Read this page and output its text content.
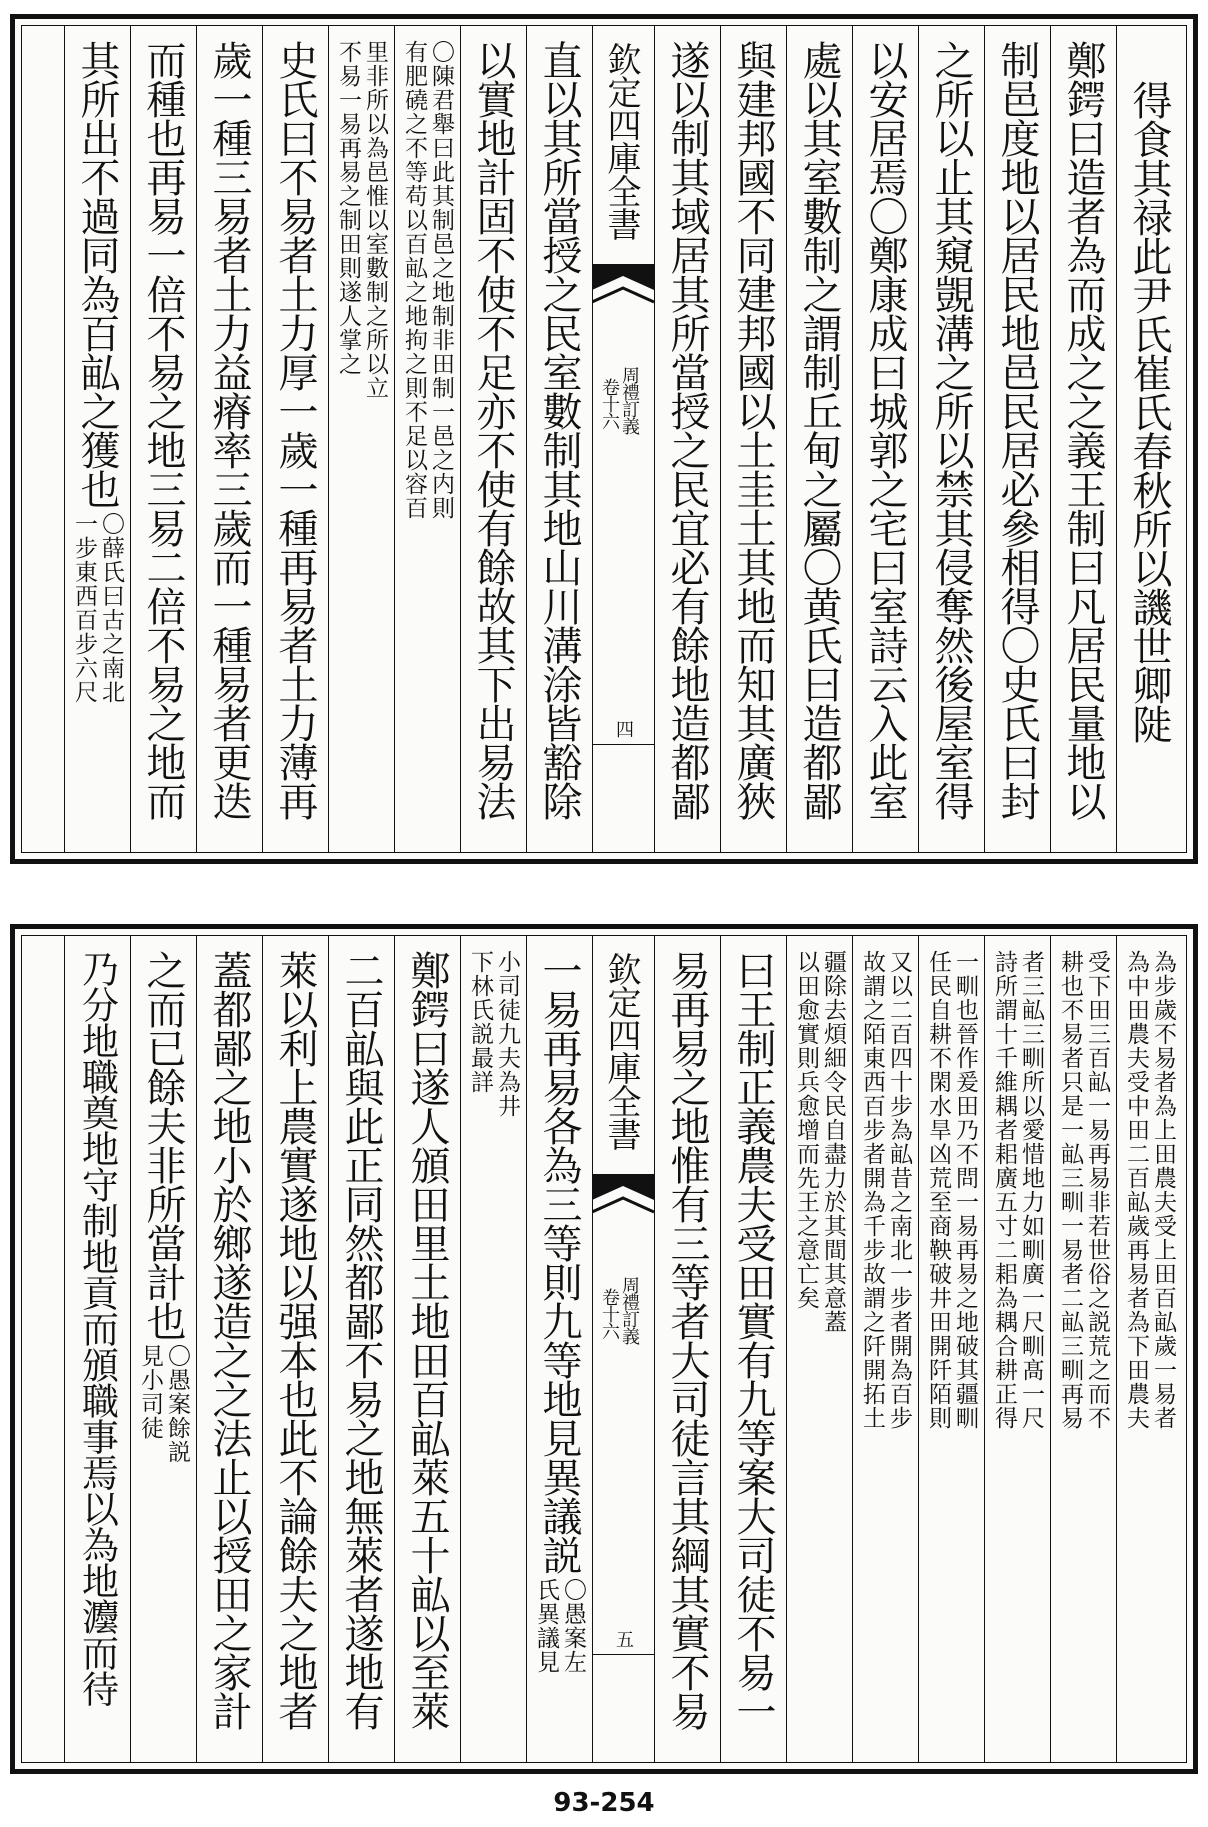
得食其禄此尹氏崔氏春秋所以譏世卿𨺗
鄭鍔曰造者為而成之之義王制曰凡居民量地以
制邑度地以居民地邑民居必參相得〇史氏曰封
之所以止其窺覬溝之所以禁其侵奪然後屋室得
以安居焉〇鄭康成曰城郭之宅曰室詩云入此室
處以其室數制之謂制丘甸之屬〇黄氏曰造都鄙
與建邦國不同建邦國以土圭土其地而知其廣狹
遂以制其域居其所當授之民宜必有餘地造都鄙
欽定四庫全書
周禮訂義
卷十六
四
直以其所當授之民室數制其地山川溝涂皆豁除
以實地計固不使不足亦不使有餘故其下出易法
〇陳君舉曰此其制邑之地制非田制一邑之内則
有肥磽之不等苟以百畆之地拘之則不足以容百
里非所以為邑惟以室數制之所以立
不易一易再易之制田則遂人掌之
史氏曰不易者土力厚一歲一種再易者土力薄再
歲一種三易者土力益瘠率三歲而一種易者更迭
而種也再易一倍不易之地三易二倍不易之地而
其所出不過同為百畆之獲也
〇薛氏曰古之南北
一步東西百步六尺
為步歲不易者為上田農夫受上田百畆歲一易者
為中田農夫受中田二百畆歲再易者為下田農夫
受下田三百畆一易再易非若世俗之説荒之而不
耕也不易者只是一畆三甽一易者二畆三甽再易
者三畆三甽所以愛惜地力如甽廣一尺甽髙一尺
詩所謂十千維耦者耜廣五寸二耜為耦合耕正得
一甽也晉作爰田乃不問一易再易之地破其疆甽
任民自耕不閑水旱凶荒至商鞅破井田開阡陌則
又以二百四十步為畆昔之南北一步者開為百步
故謂之陌東西百步者開為千步故謂之阡開拓土
疆除去煩細令民自盡力於其間其意蓋
以田愈實則兵愈增而先王之意亡矣
曰王制正義農夫受田實有九等案大司徒不易一
易再易之地惟有三等者大司徒言其綱其實不易
欽定四庫全書
周禮訂義
卷十六
五
一易再易各為三等則九等地見異議説
〇愚案左
氏異議見
小司徒九夫為井
下林氏説最詳
鄭鍔曰遂人頒田里土地田百畆萊五十畆以至萊
二百畆與此正同然都鄙不易之地無萊者遂地有
萊以利上農實遂地以强本也此不論餘夫之地者
蓋都鄙之地小於鄉遂造之之法止以授田之家計
之而已餘夫非所當計也
〇愚案餘説
見小司徒
乃分地職奠地守制地貢而頒職事焉以為地灋而待
93-254
